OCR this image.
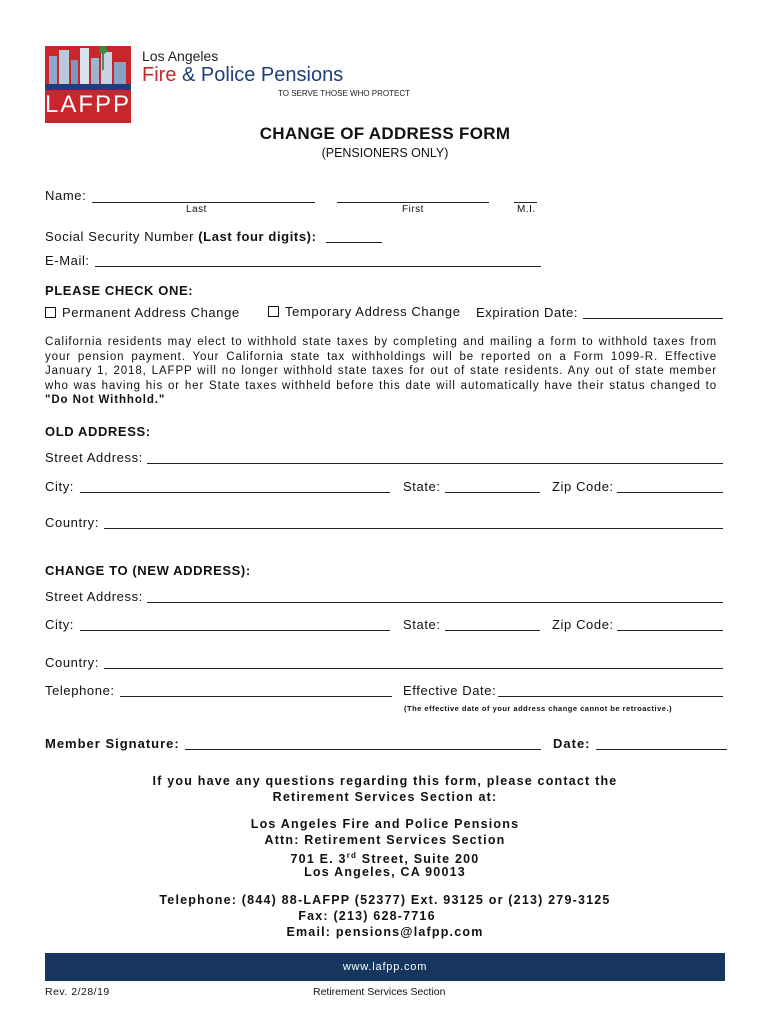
LAFPP
Los Angeles
Fire & Police Pensions
TO SERVE THOSE WHO PROTECT
CHANGE OF ADDRESS FORM
(PENSIONERS ONLY)
Name:
Last	First	M.I.
Social Security Number (Last four digits):
E-Mail:
PLEASE CHECK ONE:
Permanent Address Change	Temporary Address Change Expiration Date:
California residents may elect to withhold state taxes by completing and mailing a form to withhold taxes from your pension payment. Your California state tax withholdings will be reported on a Form 1099-R. Effective January 1, 2018, LAFPP will no longer withhold state taxes for out of state residents. Any out of state member who was having his or her State taxes withheld before this date will automatically have their status changed to "Do Not Withhold."
OLD ADDRESS:
Street Address:
City:	State:	Zip Code:
Country:
CHANGE TO (NEW ADDRESS):
Street Address:
City:	State:	Zip Code:
Country:
Telephone:	Effective Date:
(The effective date of your address change cannot be retroactive.)
Member Signature:	Date:
If you have any questions regarding this form, please contact the
Retirement Services Section at:
Los Angeles Fire and Police Pensions
Attn: Retirement Services Section
701 E. 3rd Street, Suite 200
Los Angeles, CA 90013
Telephone: (844) 88-LAFPP (52377) Ext. 93125 or (213) 279-3125
Fax: (213) 628-7716
Email: pensions@lafpp.com
www.lafpp.com
Rev. 2/28/19	Retirement Services Section
